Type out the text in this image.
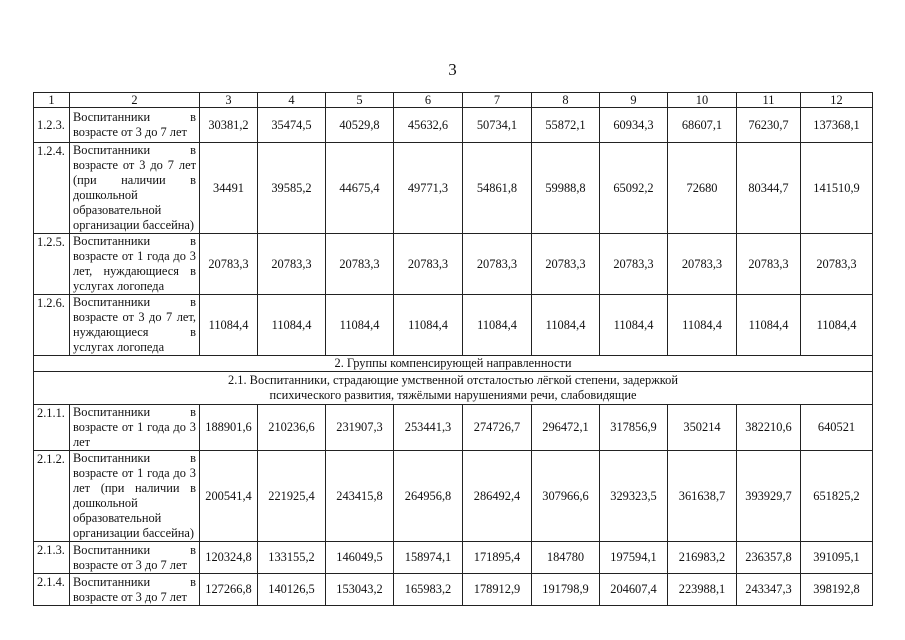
3
1	2	3	4	5	6	7	8	9	10	11	12
1.2.3.	Воспитанники в возрасте от 3 до 7 лет	30381,2	35474,5	40529,8	45632,6	50734,1	55872,1	60934,3	68607,1	76230,7	137368,1
1.2.4.	Воспитанники в возрасте от 3 до 7 лет (при наличии в дошкольной образовательной организации бассейна)	34491	39585,2	44675,4	49771,3	54861,8	59988,8	65092,2	72680	80344,7	141510,9
1.2.5.	Воспитанники в возрасте от 1 года до 3 лет, нуждающиеся в услугах логопеда	20783,3	20783,3	20783,3	20783,3	20783,3	20783,3	20783,3	20783,3	20783,3	20783,3
1.2.6.	Воспитанники в возрасте от 3 до 7 лет, нуждающиеся в услугах логопеда	11084,4	11084,4	11084,4	11084,4	11084,4	11084,4	11084,4	11084,4	11084,4	11084,4
2. Группы компенсирующей направленности											
2.1. Воспитанники, страдающие умственной отсталостью лёгкой степени, задержкой психического развития, тяжёлыми нарушениями речи, слабовидящие											
2.1.1.	Воспитанники в возрасте от 1 года до 3 лет	188901,6	210236,6	231907,3	253441,3	274726,7	296472,1	317856,9	350214	382210,6	640521
2.1.2.	Воспитанники в возрасте от 1 года до 3 лет (при наличии в дошкольной образовательной организации бассейна)	200541,4	221925,4	243415,8	264956,8	286492,4	307966,6	329323,5	361638,7	393929,7	651825,2
2.1.3.	Воспитанники в возрасте от 3 до 7 лет	120324,8	133155,2	146049,5	158974,1	171895,4	184780	197594,1	216983,2	236357,8	391095,1
2.1.4.	Воспитанники в возрасте от 3 до 7 лет	127266,8	140126,5	153043,2	165983,2	178912,9	191798,9	204607,4	223988,1	243347,3	398192,8
